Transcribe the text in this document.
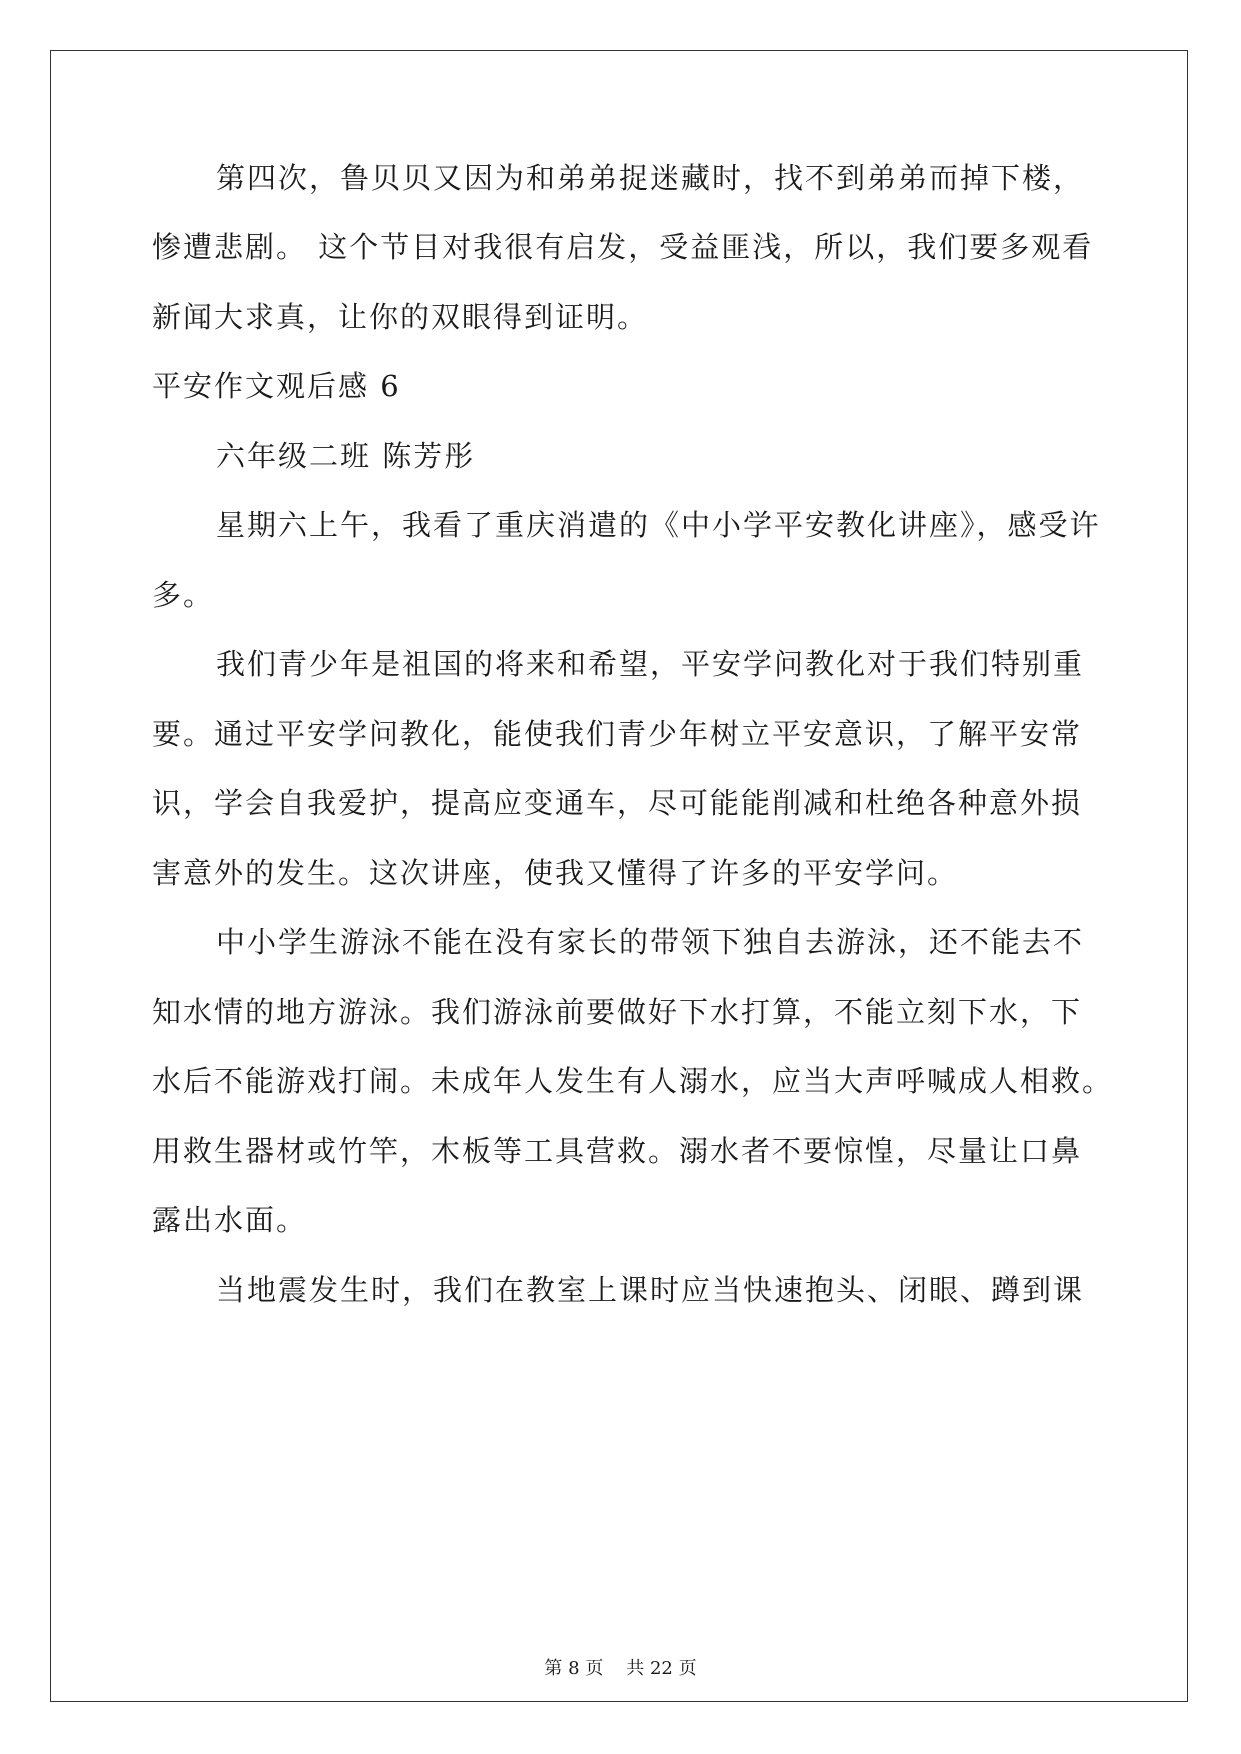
第四次，鲁贝贝又因为和弟弟捉迷藏时，找不到弟弟而掉下楼，
惨遭悲剧。 这个节目对我很有启发，受益匪浅，所以，我们要多观看
新闻大求真，让你的双眼得到证明。
平安作文观后感 6
六年级二班 陈芳彤
星期六上午，我看了重庆消遣的《中小学平安教化讲座》，感受许
多。
我们青少年是祖国的将来和希望，平安学问教化对于我们特别重
要。通过平安学问教化，能使我们青少年树立平安意识，了解平安常
识，学会自我爱护，提高应变通车，尽可能能削减和杜绝各种意外损
害意外的发生。这次讲座，使我又懂得了许多的平安学问。
中小学生游泳不能在没有家长的带领下独自去游泳，还不能去不
知水情的地方游泳。我们游泳前要做好下水打算，不能立刻下水，下
水后不能游戏打闹。未成年人发生有人溺水，应当大声呼喊成人相救。
用救生器材或竹竿，木板等工具营救。溺水者不要惊惶，尽量让口鼻
露出水面。
当地震发生时，我们在教室上课时应当快速抱头、闭眼、蹲到课
第 8 页 共 22 页
